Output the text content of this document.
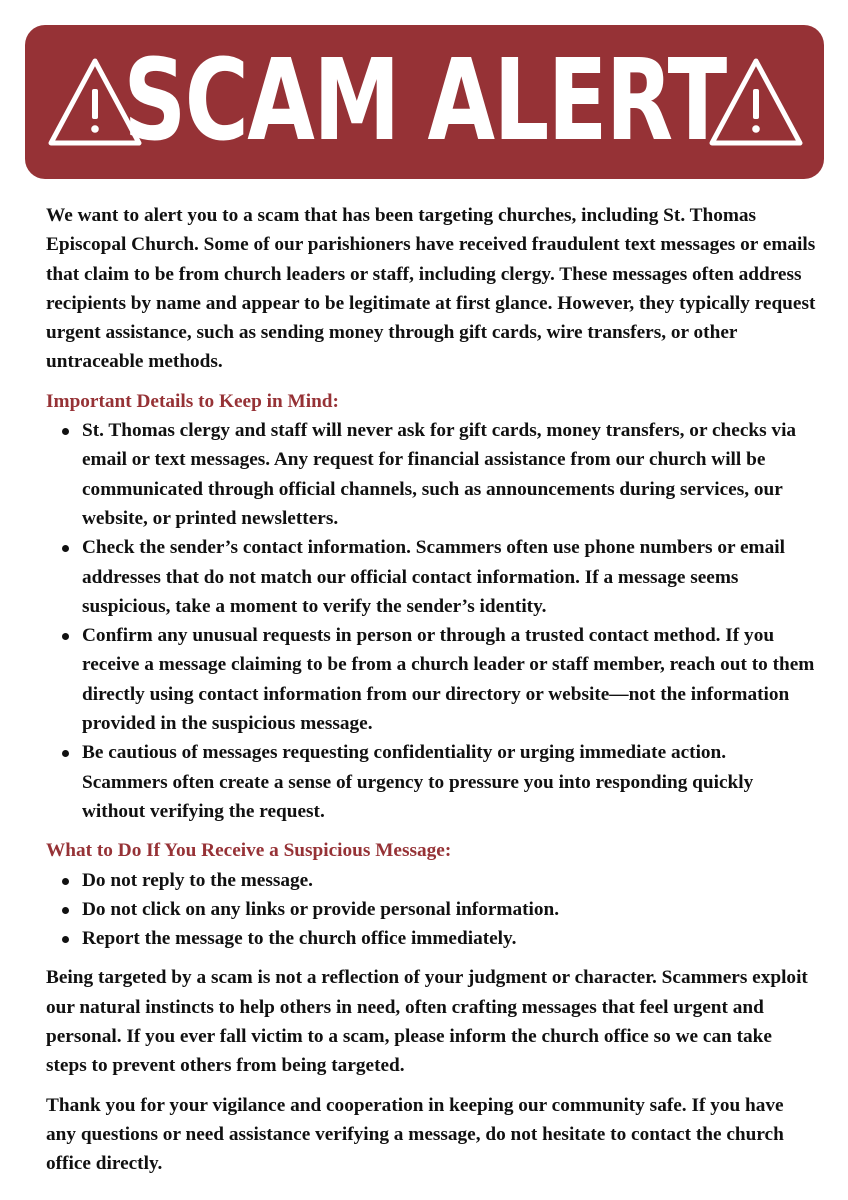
SCAM ALERT

We want to alert you to a scam that has been targeting churches, including St. Thomas Episcopal Church. Some of our parishioners have received fraudulent text messages or emails that claim to be from church leaders or staff, including clergy. These messages often address recipients by name and appear to be legitimate at first glance. However, they typically request urgent assistance, such as sending money through gift cards, wire transfers, or other untraceable methods.

Important Details to Keep in Mind:

St. Thomas clergy and staff will never ask for gift cards, money transfers, or checks via email or text messages. Any request for financial assistance from our church will be communicated through official channels, such as announcements during services, our website, or printed newsletters.
Check the sender’s contact information. Scammers often use phone numbers or email addresses that do not match our official contact information. If a message seems suspicious, take a moment to verify the sender’s identity.
Confirm any unusual requests in person or through a trusted contact method. If you receive a message claiming to be from a church leader or staff member, reach out to them directly using contact information from our directory or website—not the information provided in the suspicious message.
Be cautious of messages requesting confidentiality or urging immediate action. Scammers often create a sense of urgency to pressure you into responding quickly without verifying the request.

What to Do If You Receive a Suspicious Message:

Do not reply to the message.
Do not click on any links or provide personal information.
Report the message to the church office immediately.

Being targeted by a scam is not a reflection of your judgment or character. Scammers exploit our natural instincts to help others in need, often crafting messages that feel urgent and personal. If you ever fall victim to a scam, please inform the church office so we can take steps to prevent others from being targeted.

Thank you for your vigilance and cooperation in keeping our community safe. If you have any questions or need assistance verifying a message, do not hesitate to contact the church office directly.
